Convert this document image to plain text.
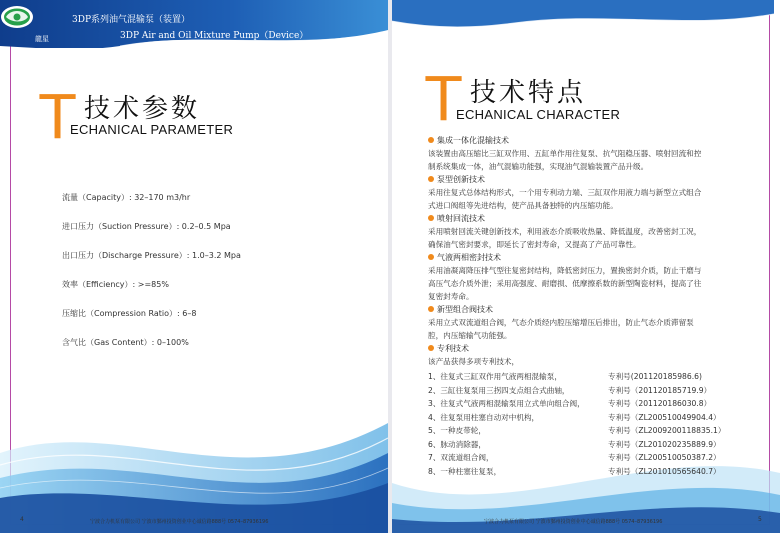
龍星
3DP系列油气混输泵（装置）
3DP Air and Oil Mixture Pump（Device）
T 技术参数
ECHANICAL PARAMETER
流量（Capacity）: 32–170 m3/hr
进口压力（Suction Pressure）: 0.2–0.5 Mpa
出口压力（Discharge Pressure）: 1.0–3.2 Mpa
效率（Efficiency）: >=85%
压缩比（Compression Ratio）: 6–8
含气比（Gas Content）: 0–100%
4	宁波合力机泵有限公司 宁波市鄞州投资创业中心诚信路888号 0574–87936196
T 技术特点
ECHANICAL CHARACTER
5
宁波合力机泵有限公司 宁波市鄞州投资创业中心诚信路888号 0574–87936196
集成一体化混输技术
该装置由高压缩比三缸双作用、五缸单作用往复泵、抗气阻稳压器、喷射回流和控
制系统集成一体，油气混输功能强，实现油气混输装置产品升级。
泵型创新技术
采用往复式总体结构形式，一个用专利动力端、三缸双作用液力端与新型立式组合
式进口阀组等先进结构，使产品具备独特的内压缩功能。
喷射回流技术
采用喷射回流关键创新技术，利用液态介质吸收热量、降低温度，改善密封工况，
确保油气密封要求，即延长了密封寿命，又提高了产品可靠性。
气液两相密封技术
采用油凝离降压排气型往复密封结构，降低密封压力，置换密封介质，防止干磨与
高压气态介质外泄；采用高强度、耐磨损、低摩擦系数的新型陶瓷材料，提高了往
复密封寿命。
新型组合阀技术
采用立式双流道组合阀，气态介质经内腔压缩增压后排出，防止气态介质滞留泵
腔，内压缩输气功能强。
专利技术
该产品获得多项专利技术，
1、往复式三缸双作用气液两相混输泵，	专利号(201120185986.6)
2、三缸往复泵用三拐四支点组合式曲轴，	专利号（201120185719.9）
3、往复式气液两相混输泵用立式单向组合阀，	专利号（201120186030.8）
4、往复泵用柱塞自动对中机构，	专利号（ZL200510049904.4）
5、一种皮带轮，	专利号（ZL2009200118835.1）
6、脉动消除器，	专利号（ZL201020235889.9）
7、双流道组合阀，	专利号（ZL200510050387.2）
8、一种柱塞往复泵，	专利号（ZL201010565640.7）
